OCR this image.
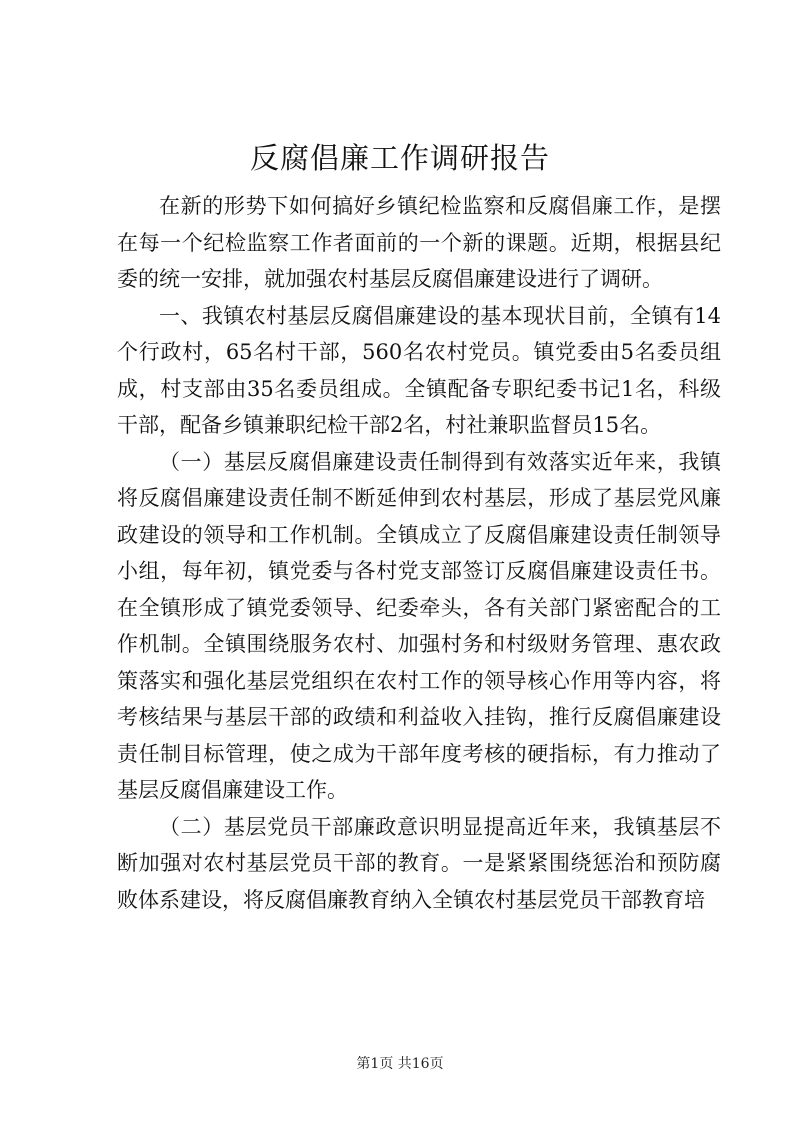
反腐倡廉工作调研报告

在新的形势下如何搞好乡镇纪检监察和反腐倡廉工作，是摆在每一个纪检监察工作者面前的一个新的课题。近期，根据县纪委的统一安排，就加强农村基层反腐倡廉建设进行了调研。

一、我镇农村基层反腐倡廉建设的基本现状目前，全镇有14个行政村，65名村干部，560名农村党员。镇党委由5名委员组成，村支部由35名委员组成。全镇配备专职纪委书记1名，科级干部，配备乡镇兼职纪检干部2名，村社兼职监督员15名。

（一）基层反腐倡廉建设责任制得到有效落实近年来，我镇将反腐倡廉建设责任制不断延伸到农村基层，形成了基层党风廉政建设的领导和工作机制。全镇成立了反腐倡廉建设责任制领导小组，每年初，镇党委与各村党支部签订反腐倡廉建设责任书。在全镇形成了镇党委领导、纪委牵头，各有关部门紧密配合的工作机制。全镇围绕服务农村、加强村务和村级财务管理、惠农政策落实和强化基层党组织在农村工作的领导核心作用等内容，将考核结果与基层干部的政绩和利益收入挂钩，推行反腐倡廉建设责任制目标管理，使之成为干部年度考核的硬指标，有力推动了基层反腐倡廉建设工作。

（二）基层党员干部廉政意识明显提高近年来，我镇基层不断加强对农村基层党员干部的教育。一是紧紧围绕惩治和预防腐败体系建设，将反腐倡廉教育纳入全镇农村基层党员干部教育培

第1页 共16页
